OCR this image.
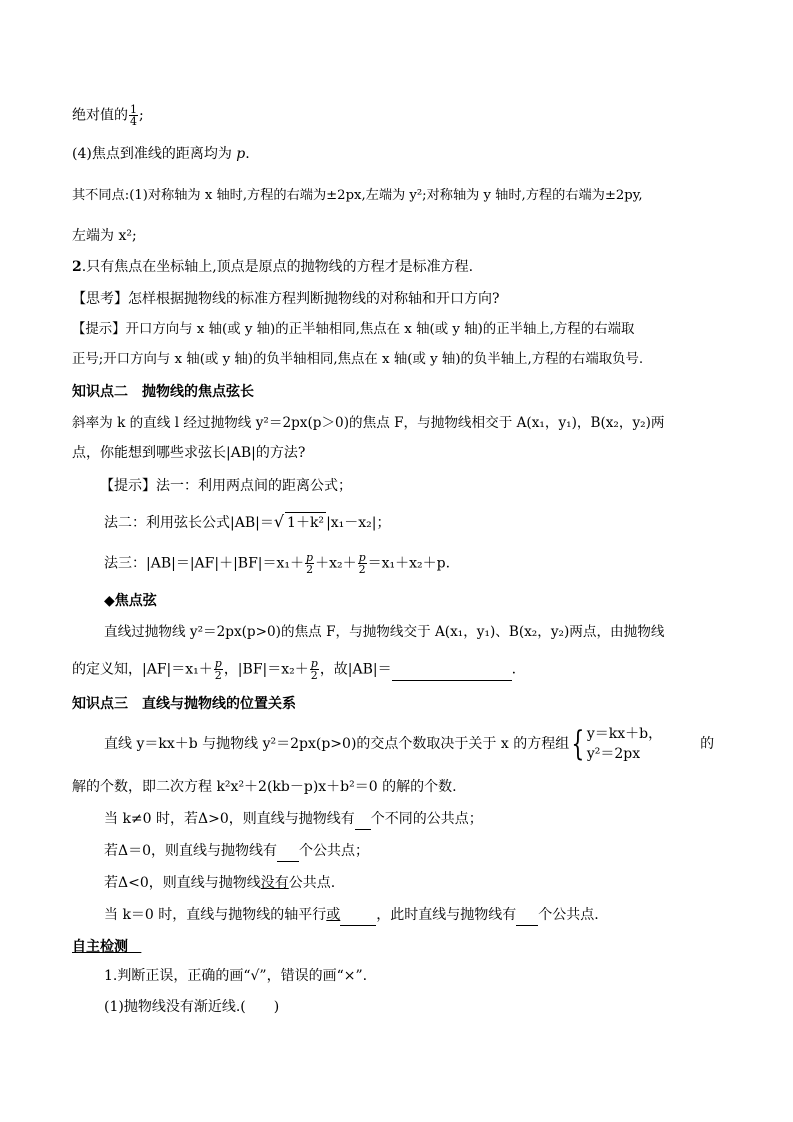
绝对值的 $\frac{1}{4}$ ;
(4)焦点到准线的距离均为 p.
其不同点:(1)对称轴为 x 轴时,方程的右端为±2px,左端为 y²;对称轴为 y 轴时,方程的右端为±2py,
左端为 x²;
2.只有焦点在坐标轴上,顶点是原点的抛物线的方程才是标准方程.
【思考】怎样根据抛物线的标准方程判断抛物线的对称轴和开口方向?
【提示】开口方向与 x 轴(或 y 轴)的正半轴相同,焦点在 x 轴(或 y 轴)的正半轴上,方程的右端取
正号;开口方向与 x 轴(或 y 轴)的负半轴相同,焦点在 x 轴(或 y 轴)的负半轴上,方程的右端取负号.
知识点二　抛物线的焦点弦长
斜率为 k 的直线 l 经过抛物线 y²＝2px(p＞0)的焦点 F，与抛物线相交于 A(x₁，y₁)，B(x₂，y₂)两
点，你能想到哪些求弦长|AB|的方法?
【提示】法一：利用两点间的距离公式；
法二：利用弦长公式|AB|＝√ 1＋k² |x₁－x₂|；
法三：$|AB|=|AF|+|BF|=x_1+ \frac{p}{2} +x_2+ \frac{p}{2} =x_1+x_2+p$.
◆焦点弦
直线过抛物线 y²＝2px(p>0)的焦点 F，与抛物线交于 A(x₁，y₁)、B(x₂，y₂)两点，由抛物线
的定义知，$|AF|=x_1+ \frac{p}{2}$ ，$|BF|=x_2+ \frac{p}{2}$ ，故|AB|＝	.
知识点三　直线与抛物线的位置关系
直线 y＝kx＋b 与抛物线 y²＝2px(p>0)的交点个数取决于关于 x 的方程组{ y＝kx＋b，
y²＝2px
的
解的个数，即二次方程 k²x²＋2(kb－p)x＋b²＝0 的解的个数.
当 k≠0 时，若Δ>0，则直线与抛物线有 个不同的公共点；
若Δ＝0，则直线与抛物线有 个公共点；
若Δ<0，则直线与抛物线没有公共点.
当 k＝0 时，直线与抛物线的轴平行或	，此时直线与抛物线有 个公共点.
自主检测
1.判断正误，正确的画“√”，错误的画“×”.
(1)抛物线没有渐近线.(　　)
